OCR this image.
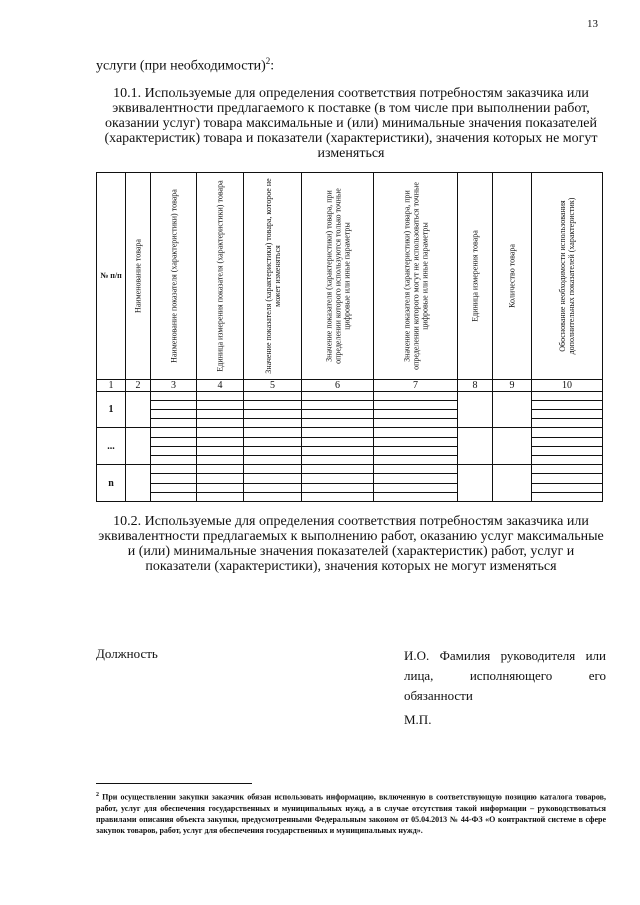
13
услуги (при необходимости)$^2$:
10.1. Используемые для определения соответствия потребностям заказчика или эквивалентности предлагаемого к поставке (в том числе при выполнении работ, оказании услуг) товара максимальные и (или) минимальные значения показателей (характеристик) товара и показатели (характеристики), значения которых не могут изменяться
№ п/п	Наименование товара	Наименование показателя (характеристики) товара	Единица измерения показателя (характеристики) товара	Значение показателя (характеристики) товара, которое не может изменяться	Значение показателя (характеристики) товара, при определении которого используются только точные цифровые или иные параметры	Значение показателя (характеристики) товара, при определении которого могут не использоваться точные цифровые или иные параметры	Единица измерения товара	Количество товара	Обоснование необходимости использования дополнительных показателей (характеристик)

1	2	3	4	5	6	7	8	9	10
1									

...									

n									

10.2. Используемые для определения соответствия потребностям заказчика или эквивалентности предлагаемых к выполнению работ, оказанию услуг максимальные и (или) минимальные значения показателей (характеристик) работ, услуг и показатели (характеристики), значения которых не могут изменяться
Должность	И.О. Фамилия руководителя или лица, исполняющего его обязанности
М.П.
$^2$ При осуществлении закупки заказчик обязан использовать информацию, включенную в соответствующую позицию каталога товаров, работ, услуг для обеспечения государственных и муниципальных нужд, а в случае отсутствия такой информации – руководствоваться правилами описания объекта закупки, предусмотренными Федеральным законом от 05.04.2013 № 44-ФЗ «О контрактной системе в сфере закупок товаров, работ, услуг для обеспечения государственных и муниципальных нужд».
